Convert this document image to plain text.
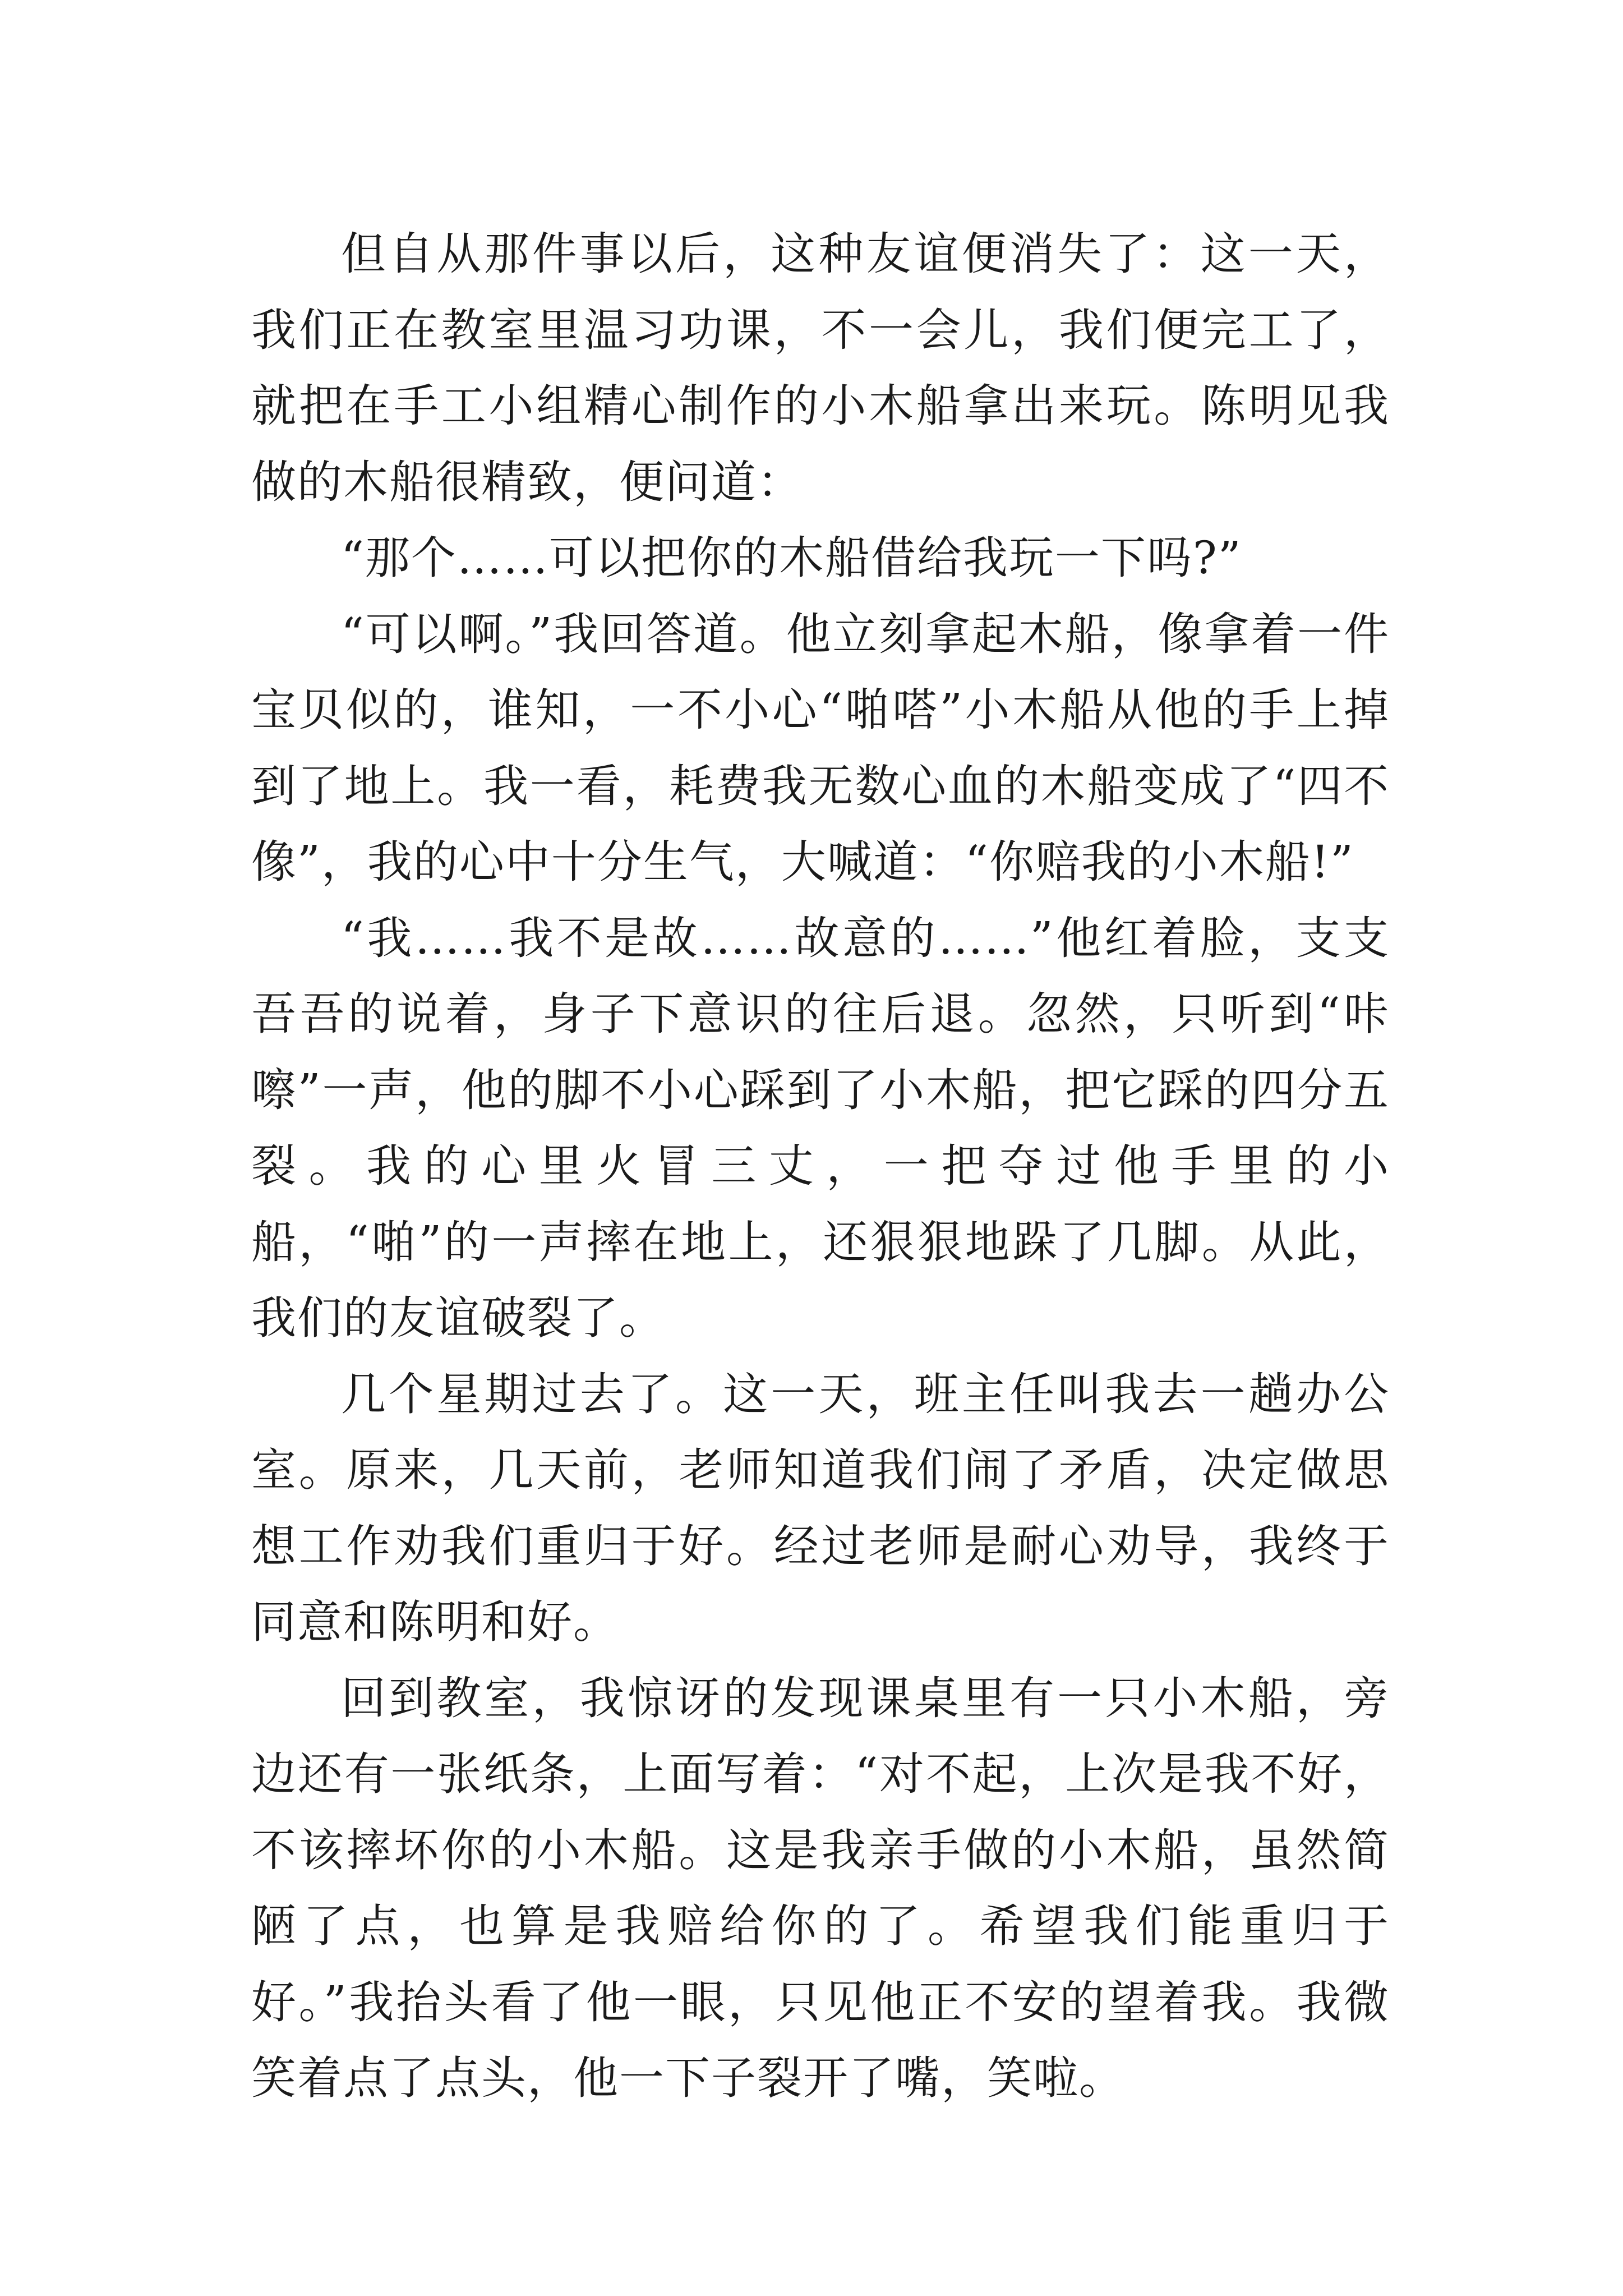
但自从那件事以后，这种友谊便消失了：这一天，我们正在教室里温习功课，不一会儿，我们便完工了，就把在手工小组精心制作的小木船拿出来玩。陈明见我做的木船很精致，便问道：

“那个……可以把你的木船借给我玩一下吗?”

“可以啊。”我回答道。他立刻拿起木船，像拿着一件宝贝似的，谁知，一不小心“啪嗒”小木船从他的手上掉到了地上。我一看，耗费我无数心血的木船变成了“四不像”，我的心中十分生气，大喊道：“你赔我的小木船!”

“我……我不是故……故意的……”他红着脸，支支吾吾的说着，身子下意识的往后退。忽然，只听到“咔嚓”一声，他的脚不小心踩到了小木船，把它踩的四分五裂。我的心里火冒三丈，一把夺过他手里的小船，“啪”的一声摔在地上，还狠狠地跺了几脚。从此，我们的友谊破裂了。

几个星期过去了。这一天，班主任叫我去一趟办公室。原来，几天前，老师知道我们闹了矛盾，决定做思想工作劝我们重归于好。经过老师是耐心劝导，我终于同意和陈明和好。

回到教室，我惊讶的发现课桌里有一只小木船，旁边还有一张纸条，上面写着：“对不起，上次是我不好，不该摔坏你的小木船。这是我亲手做的小木船，虽然简陋了点，也算是我赔给你的了。希望我们能重归于好。”我抬头看了他一眼，只见他正不安的望着我。我微笑着点了点头，他一下子裂开了嘴，笑啦。
